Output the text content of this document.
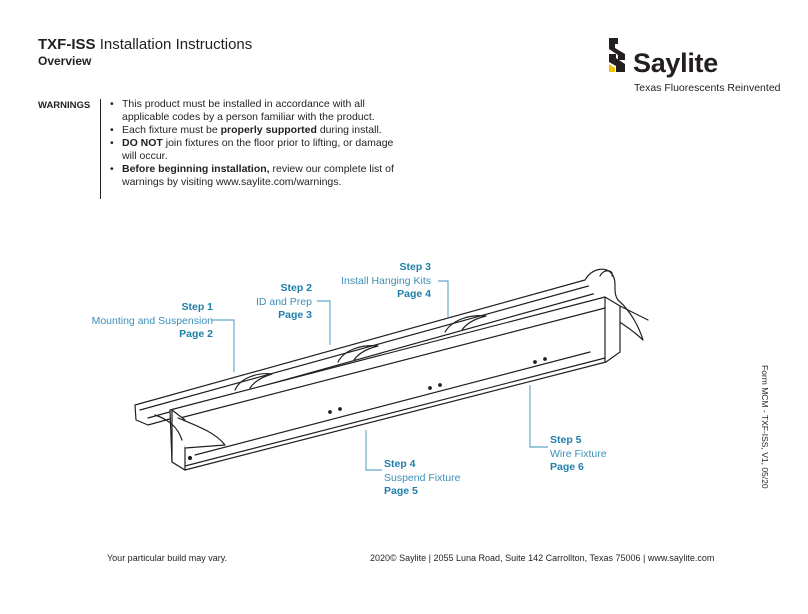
TXF-ISS Installation Instructions
Overview	Saylite
Texas Fluorescents Reinvented
WARNINGS
•	This product must be installed in accordance with all applicable codes by a person familiar with the product.
• Each fixture must be properly supported during install.
• DO NOT join fixtures on the floor prior to lifting, or damage will occur.
• Before beginning installation, review our complete list of warnings by visiting www.saylite.com/warnings.
Step 1
Mounting and Suspension
Page 2
Step 2
ID and Prep
Page 3
Step 3
Install Hanging Kits
Page 4
Step 4
Suspend Fixture
Page 5
Step 5
Wire Fixture
Page 6	Form MCM - TXF-ISS, V1, 05/20
Your particular build may vary.	2020© Saylite | 2055 Luna Road, Suite 142 Carrollton, Texas 75006 | www.saylite.com
